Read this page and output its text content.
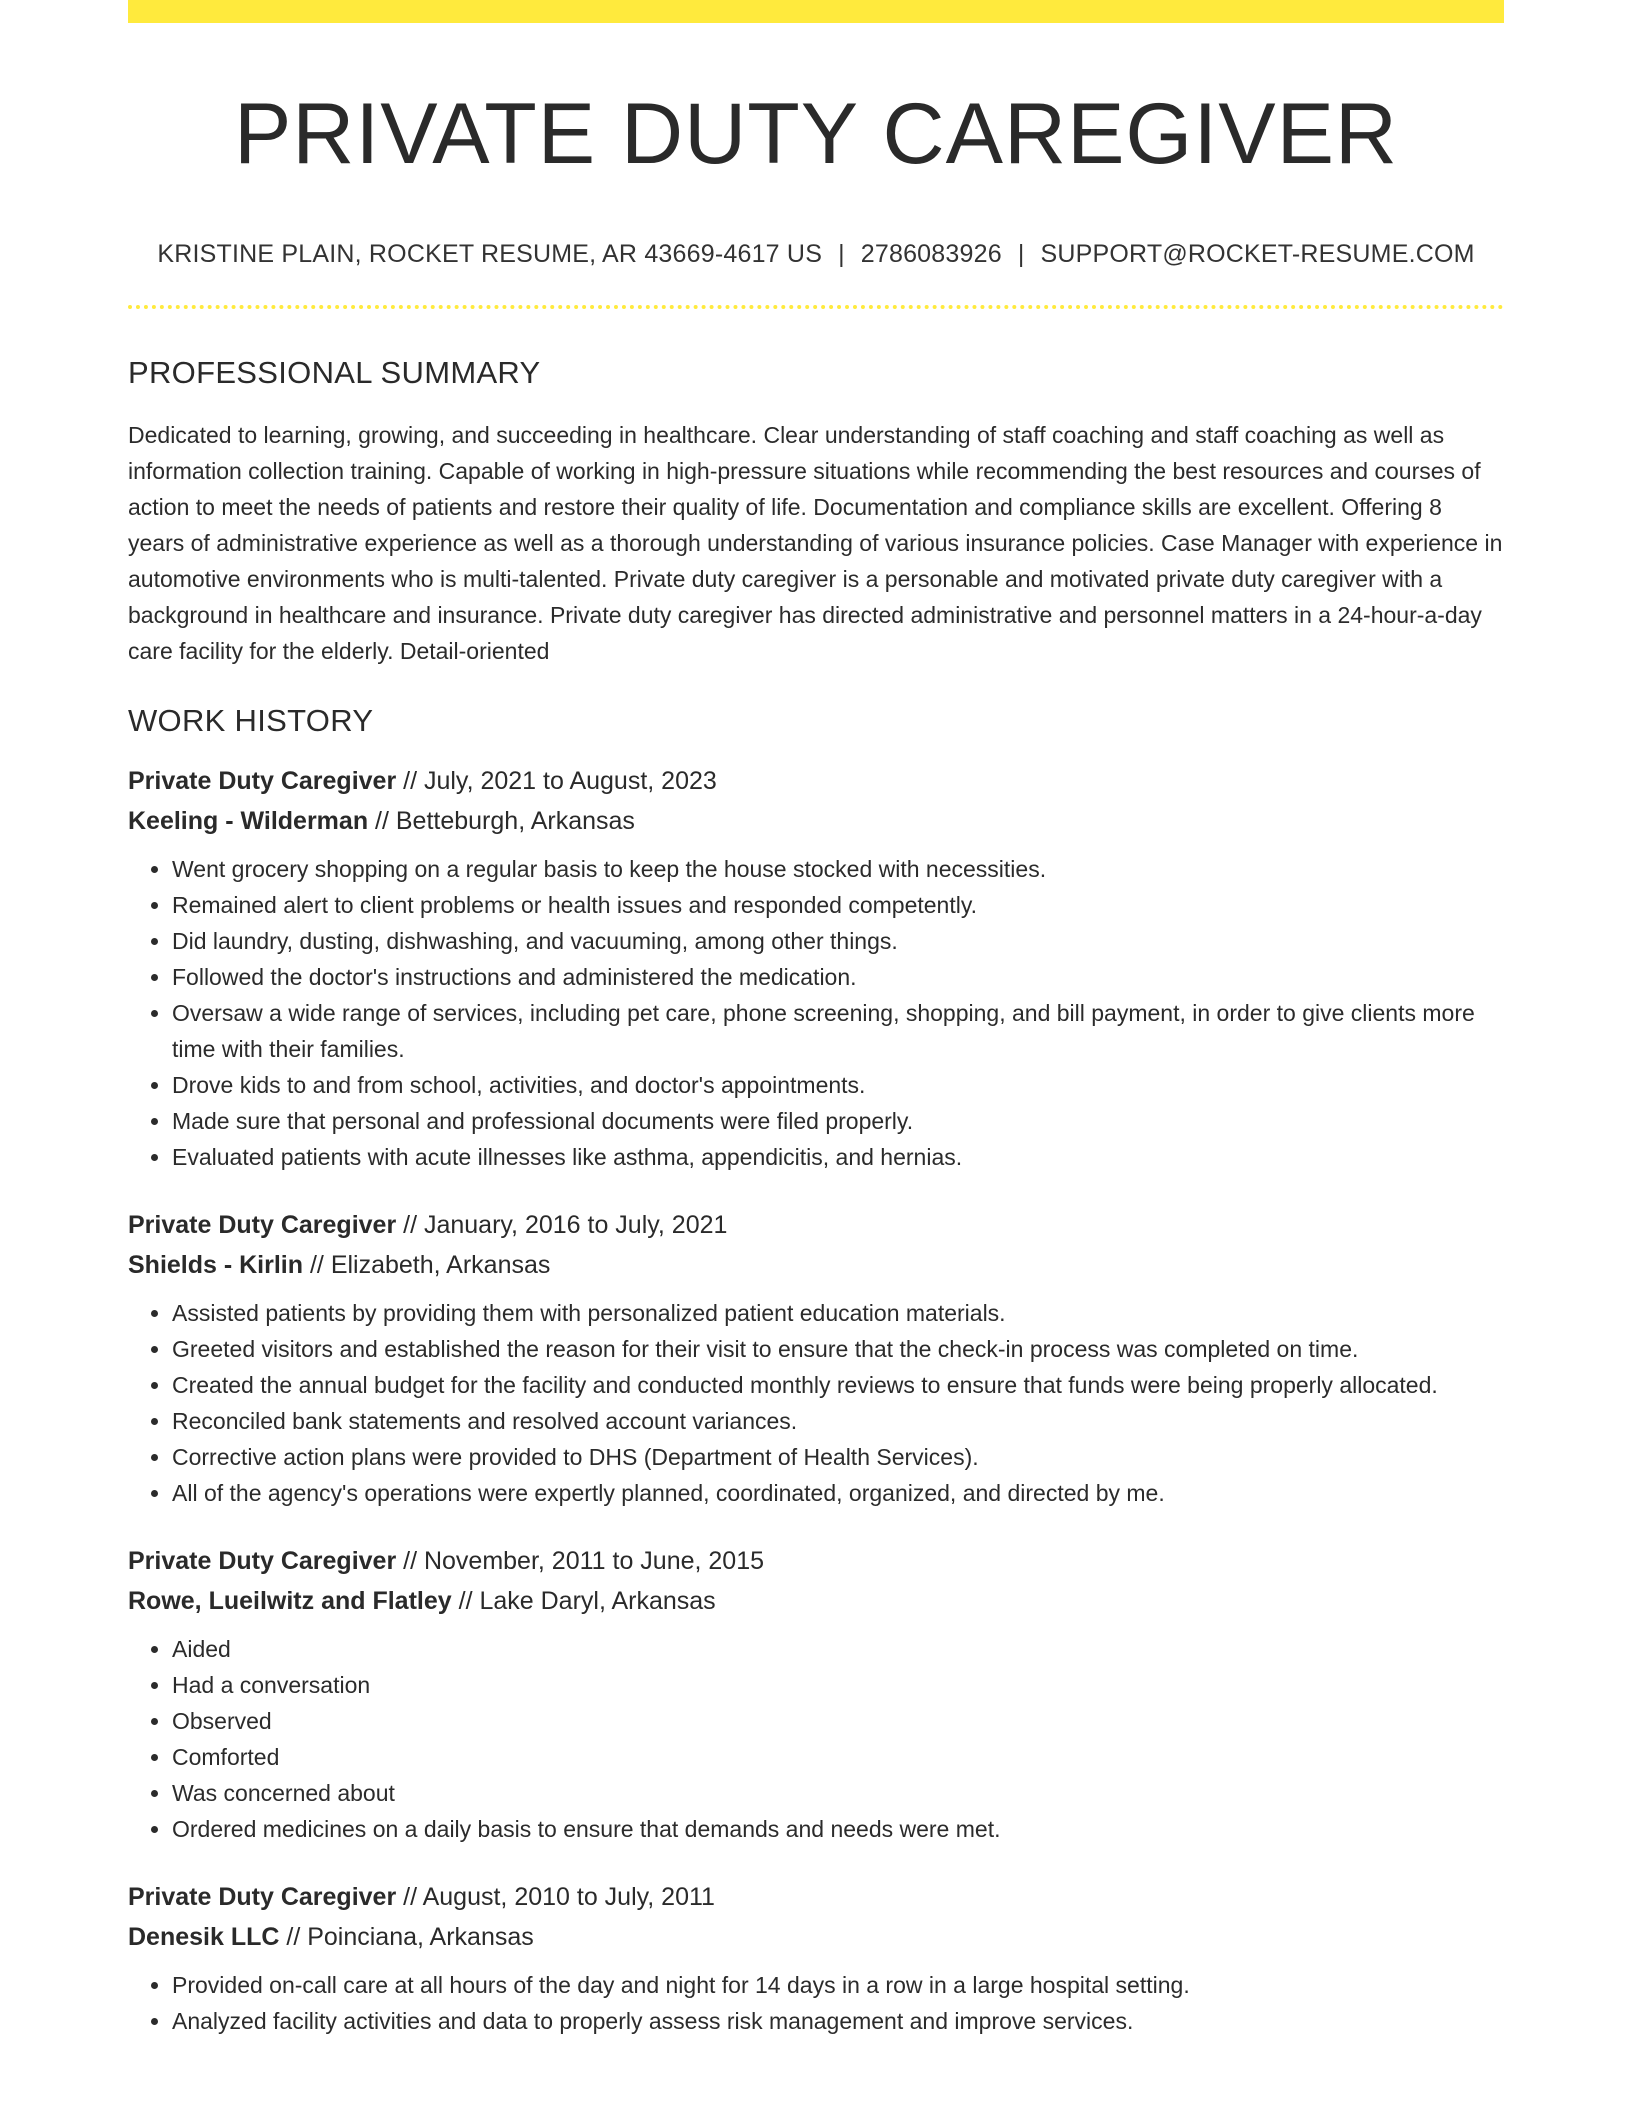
PRIVATE DUTY CAREGIVER
KRISTINE PLAIN, ROCKET RESUME, AR 43669-4617 US | 2786083926 | SUPPORT@ROCKET-RESUME.COM
PROFESSIONAL SUMMARY

Dedicated to learning, growing, and succeeding in healthcare. Clear understanding of staff coaching and staff coaching as well as information collection training. Capable of working in high-pressure situations while recommending the best resources and courses of action to meet the needs of patients and restore their quality of life. Documentation and compliance skills are excellent. Offering 8 years of administrative experience as well as a thorough understanding of various insurance policies. Case Manager with experience in automotive environments who is multi-talented. Private duty caregiver is a personable and motivated private duty caregiver with a background in healthcare and insurance. Private duty caregiver has directed administrative and personnel matters in a 24-hour-a-day care facility for the elderly. Detail-oriented

WORK HISTORY
Private Duty Caregiver // July, 2021 to August, 2023
Keeling - Wilderman // Betteburgh, Arkansas
• Went grocery shopping on a regular basis to keep the house stocked with necessities.
• Remained alert to client problems or health issues and responded competently.
• Did laundry, dusting, dishwashing, and vacuuming, among other things.
• Followed the doctor's instructions and administered the medication.
• Oversaw a wide range of services, including pet care, phone screening, shopping, and bill payment, in order to give clients more time with their families.
• Drove kids to and from school, activities, and doctor's appointments.
• Made sure that personal and professional documents were filed properly.
• Evaluated patients with acute illnesses like asthma, appendicitis, and hernias.
Private Duty Caregiver // January, 2016 to July, 2021
Shields - Kirlin // Elizabeth, Arkansas
• Assisted patients by providing them with personalized patient education materials.
• Greeted visitors and established the reason for their visit to ensure that the check-in process was completed on time.
• Created the annual budget for the facility and conducted monthly reviews to ensure that funds were being properly allocated.
• Reconciled bank statements and resolved account variances.
• Corrective action plans were provided to DHS (Department of Health Services).
• All of the agency's operations were expertly planned, coordinated, organized, and directed by me.
Private Duty Caregiver // November, 2011 to June, 2015
Rowe, Lueilwitz and Flatley // Lake Daryl, Arkansas
• Aided
• Had a conversation
• Observed
• Comforted
• Was concerned about
• Ordered medicines on a daily basis to ensure that demands and needs were met.
Private Duty Caregiver // August, 2010 to July, 2011
Denesik LLC // Poinciana, Arkansas
• Provided on-call care at all hours of the day and night for 14 days in a row in a large hospital setting.
• Analyzed facility activities and data to properly assess risk management and improve services.
